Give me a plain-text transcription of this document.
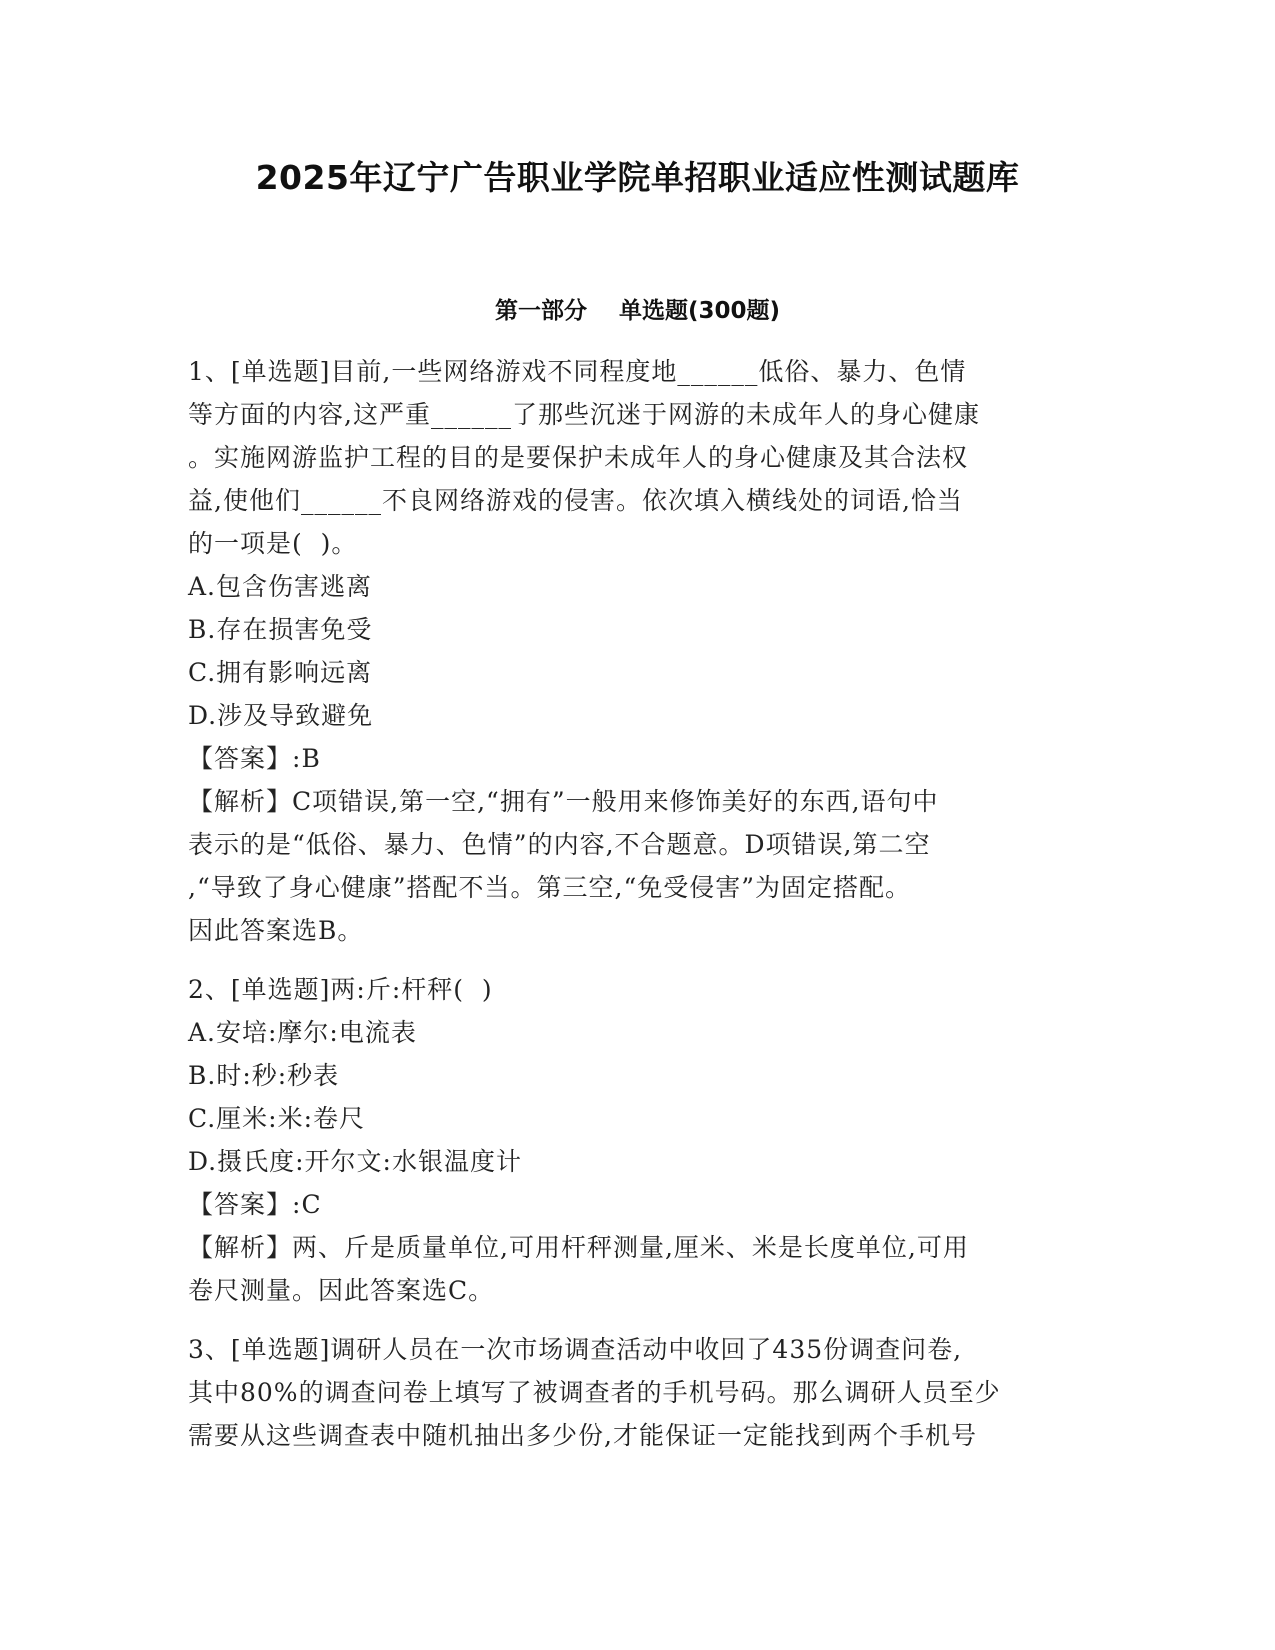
2025年辽宁广告职业学院单招职业适应性测试题库
第一部分    单选题(300题)
1、[单选题]目前,一些网络游戏不同程度地______低俗、暴力、色情
等方面的内容,这严重______了那些沉迷于网游的未成年人的身心健康
。实施网游监护工程的目的是要保护未成年人的身心健康及其合法权
益,使他们______不良网络游戏的侵害。依次填入横线处的词语,恰当
的一项是(  )。
A.包含伤害逃离
B.存在损害免受
C.拥有影响远离
D.涉及导致避免
【答案】:B
【解析】C项错误,第一空,“拥有”一般用来修饰美好的东西,语句中
表示的是“低俗、暴力、色情”的内容,不合题意。D项错误,第二空
,“导致了身心健康”搭配不当。第三空,“免受侵害”为固定搭配。
因此答案选B。
2、[单选题]两:斤:杆秤(  )
A.安培:摩尔:电流表
B.时:秒:秒表
C.厘米:米:卷尺
D.摄氏度:开尔文:水银温度计
【答案】:C
【解析】两、斤是质量单位,可用杆秤测量,厘米、米是长度单位,可用
卷尺测量。因此答案选C。
3、[单选题]调研人员在一次市场调查活动中收回了435份调查问卷,
其中80%的调查问卷上填写了被调查者的手机号码。那么调研人员至少
需要从这些调查表中随机抽出多少份,才能保证一定能找到两个手机号
